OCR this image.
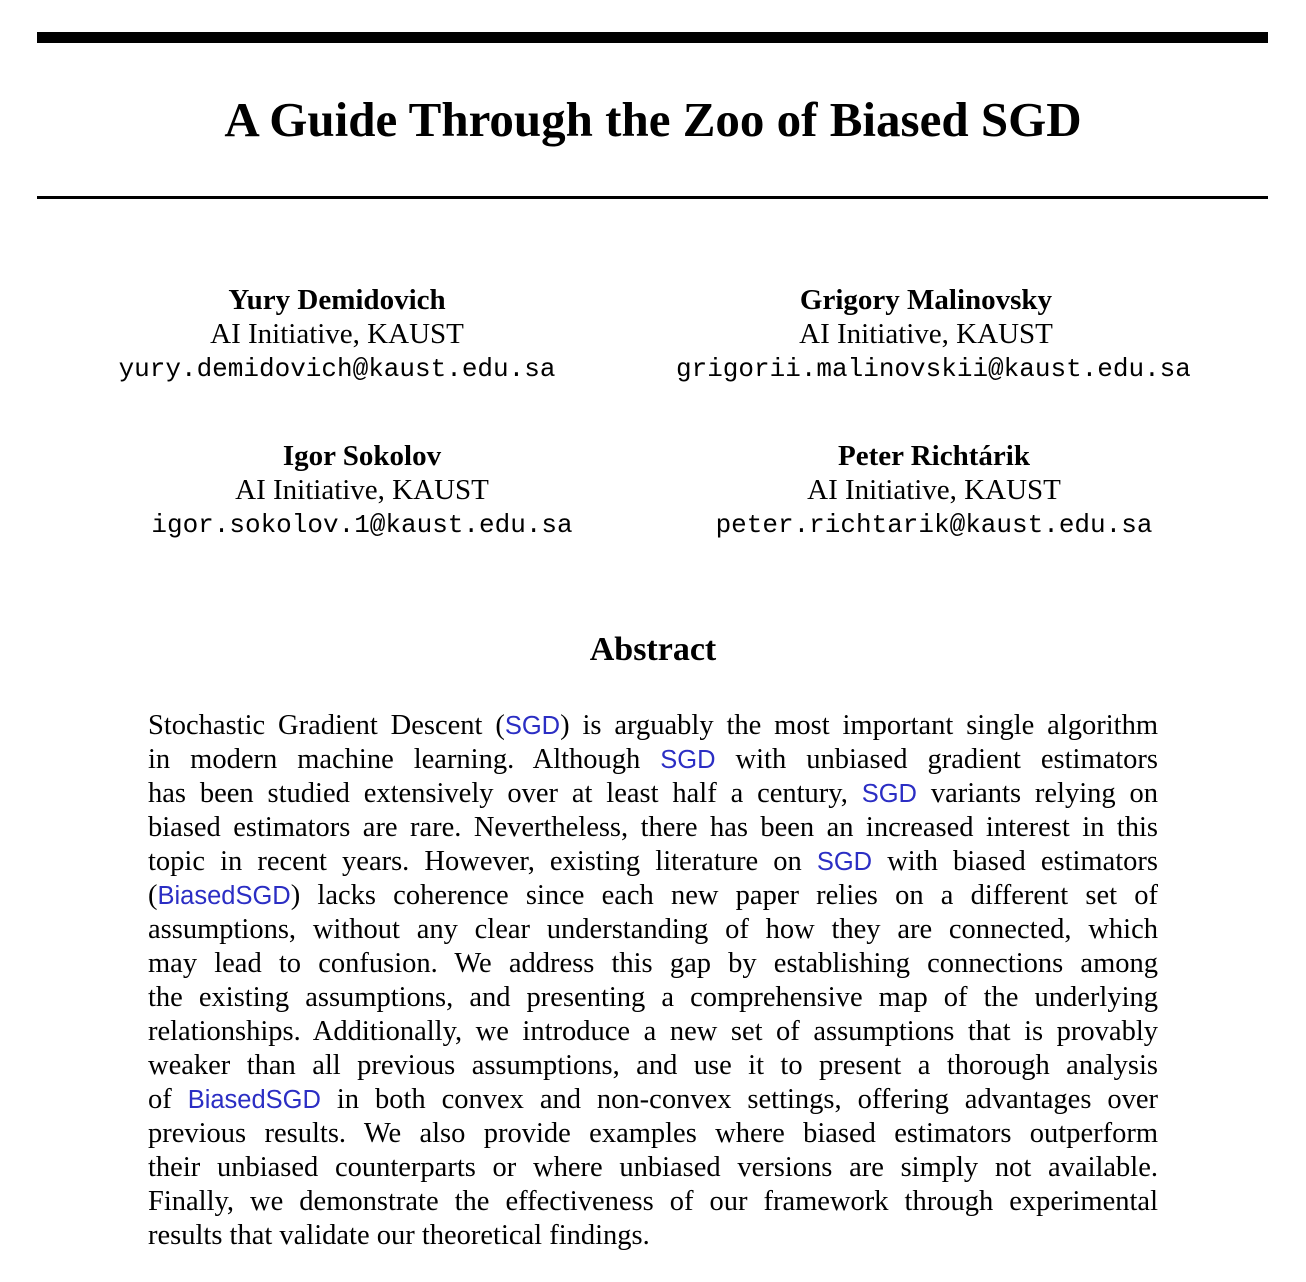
A Guide Through the Zoo of Biased SGD
Yury Demidovich
AI Initiative, KAUST
yury.demidovich@kaust.edu.sa
Grigory Malinovsky
AI Initiative, KAUST
grigorii.malinovskii@kaust.edu.sa
Igor Sokolov
AI Initiative, KAUST
igor.sokolov.1@kaust.edu.sa
Peter Richtárik
AI Initiative, KAUST
peter.richtarik@kaust.edu.sa
Abstract
Stochastic Gradient Descent (SGD) is arguably the most important single algorithm
in modern machine learning. Although SGD with unbiased gradient estimators
has been studied extensively over at least half a century, SGD variants relying on
biased estimators are rare. Nevertheless, there has been an increased interest in this
topic in recent years. However, existing literature on SGD with biased estimators
(BiasedSGD) lacks coherence since each new paper relies on a different set of
assumptions, without any clear understanding of how they are connected, which
may lead to confusion. We address this gap by establishing connections among
the existing assumptions, and presenting a comprehensive map of the underlying
relationships. Additionally, we introduce a new set of assumptions that is provably
weaker than all previous assumptions, and use it to present a thorough analysis
of BiasedSGD in both convex and non-convex settings, offering advantages over
previous results. We also provide examples where biased estimators outperform
their unbiased counterparts or where unbiased versions are simply not available.
Finally, we demonstrate the effectiveness of our framework through experimental
results that validate our theoretical findings.
